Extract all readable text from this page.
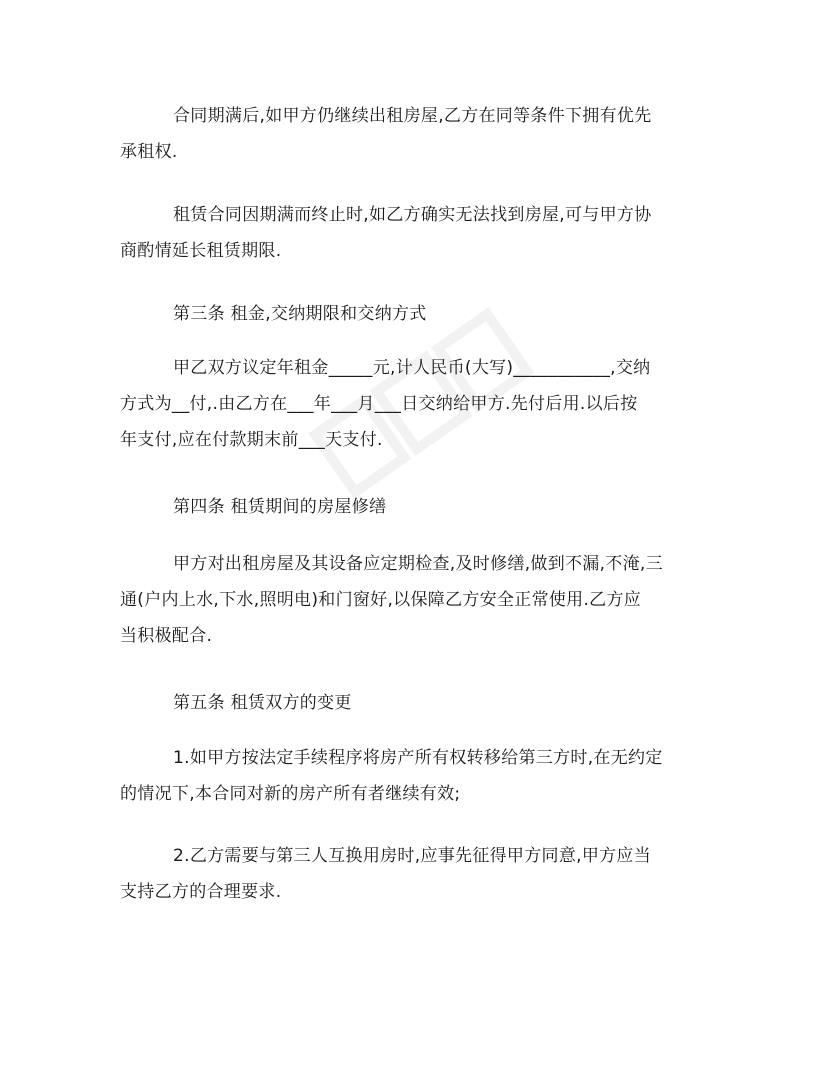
合同期满后,如甲方仍继续出租房屋,乙方在同等条件下拥有优先
承租权.
租赁合同因期满而终止时,如乙方确实无法找到房屋,可与甲方协
商酌情延长租赁期限.
第三条 租金,交纳期限和交纳方式
甲乙双方议定年租金_____元,计人民币(大写)___________,交纳
方式为__付,.由乙方在___年___月___日交纳给甲方.先付后用.以后按
年支付,应在付款期末前___天支付.
第四条 租赁期间的房屋修缮
甲方对出租房屋及其设备应定期检查,及时修缮,做到不漏,不淹,三
通(户内上水,下水,照明电)和门窗好,以保障乙方安全正常使用.乙方应
当积极配合.
第五条 租赁双方的变更
1.如甲方按法定手续程序将房产所有权转移给第三方时,在无约定
的情况下,本合同对新的房产所有者继续有效;
2.乙方需要与第三人互换用房时,应事先征得甲方同意,甲方应当
支持乙方的合理要求.
